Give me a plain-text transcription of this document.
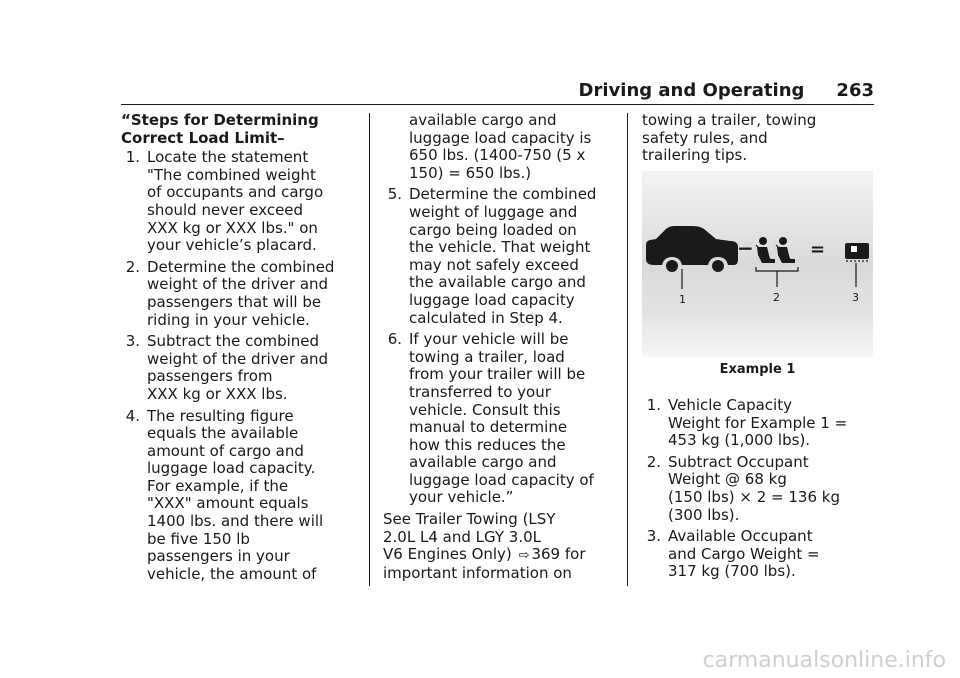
Driving and Operating 263

“Steps for Determining
Correct Load Limit–

1. Locate the statement
"The combined weight
of occupants and cargo
should never exceed
XXX kg or XXX lbs." on
your vehicle’s placard.
2. Determine the combined
weight of the driver and
passengers that will be
riding in your vehicle.
3. Subtract the combined
weight of the driver and
passengers from
XXX kg or XXX lbs.
4. The resulting figure
equals the available
amount of cargo and
luggage load capacity.
For example, if the
"XXX" amount equals
1400 lbs. and there will
be five 150 lb
passengers in your
vehicle, the amount of

available cargo and
luggage load capacity is
650 lbs. (1400-750 (5 x
150) = 650 lbs.)

5. Determine the combined
weight of luggage and
cargo being loaded on
the vehicle. That weight
may not safely exceed
the available cargo and
luggage load capacity
calculated in Step 4.
6. If your vehicle will be
towing a trailer, load
from your trailer will be
transferred to your
vehicle. Consult this
manual to determine
how this reduces the
available cargo and
luggage load capacity of
your vehicle.”

See Trailer Towing (LSY
2.0L L4 and LGY 3.0L
V6 Engines Only) ⇨ 369 for
important information on

towing a trailer, towing
safety rules, and
trailering tips.

−	=
1	2	3
Example 1
1. Vehicle Capacity
Weight for Example 1 =
453 kg (1,000 lbs).
2. Subtract Occupant
Weight @ 68 kg
(150 lbs) × 2 = 136 kg
(300 lbs).
3. Available Occupant
and Cargo Weight =
317 kg (700 lbs).
carmanualsonline.info
